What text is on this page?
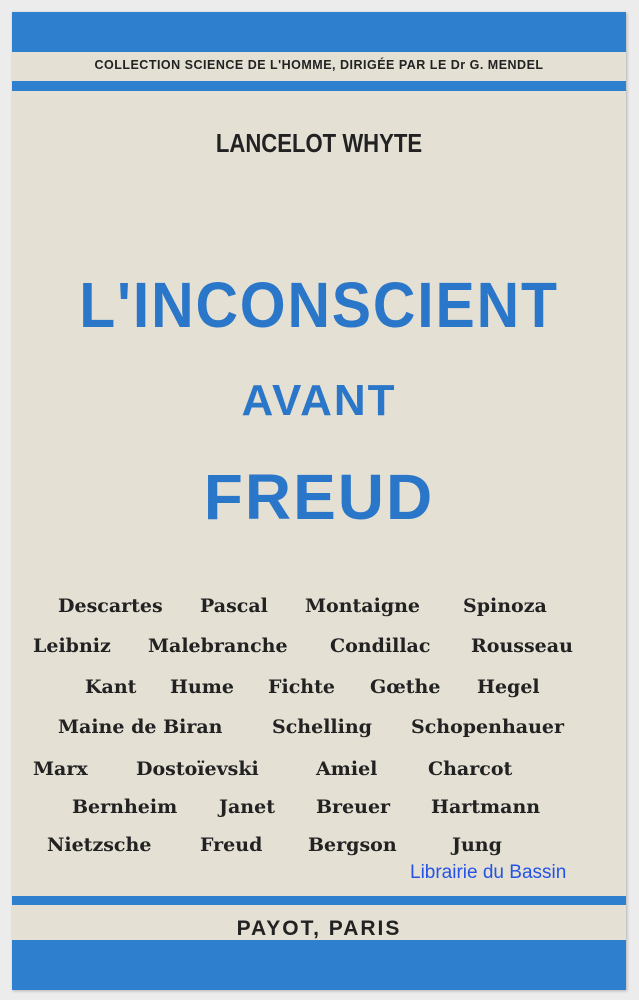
COLLECTION SCIENCE DE L'HOMME, DIRIGÉE PAR LE Dr G. MENDEL
LANCELOT WHYTE
L'INCONSCIENT
AVANT
FREUD
PAYOT, PARIS
Descartes Pascal Montaigne Spinoza
Leibniz Malebranche Condillac Rousseau
Kant Hume Fichte Gœthe Hegel
Maine de Biran	Schelling Schopenhauer
Marx	Dostoïevski	Amiel	Charcot
Bernheim Janet Breuer Hartmann
Nietzsche	Freud Bergson	Jung
Librairie du Bassin
